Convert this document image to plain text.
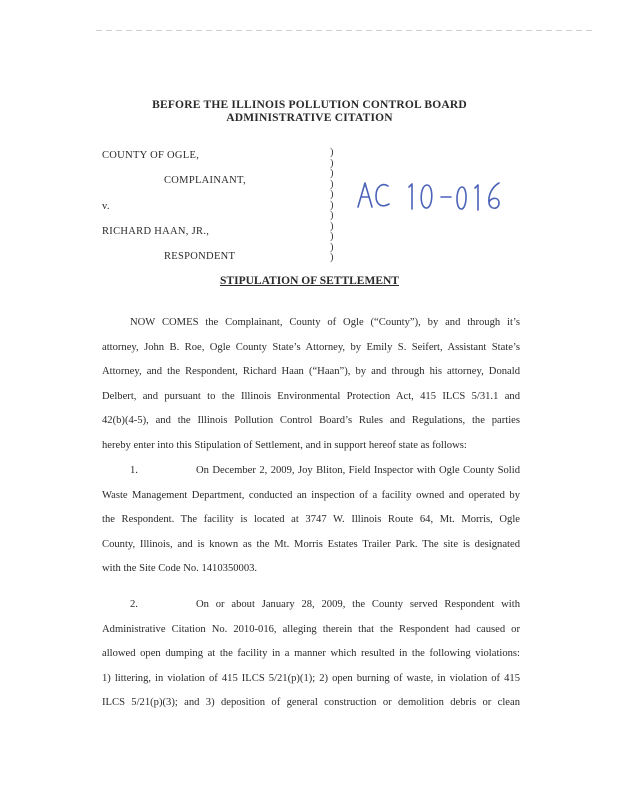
BEFORE THE ILLINOIS POLLUTION CONTROL BOARD
ADMINISTRATIVE CITATION
COUNTY OF OGLE,
COMPLAINANT,
v.
RICHARD HAAN, JR.,
RESPONDENT
)
)
)
)
)
)
)
)
)
)
)
STIPULATION OF SETTLEMENT
NOW COMES the Complainant, County of Ogle (“County”), by and through it’s
attorney, John B. Roe, Ogle County State’s Attorney, by Emily S. Seifert, Assistant State’s
Attorney, and the Respondent, Richard Haan (“Haan”), by and through his attorney, Donald
Delbert, and pursuant to the Illinois Environmental Protection Act, 415 ILCS 5/31.1 and
42(b)(4-5), and the Illinois Pollution Control Board’s Rules and Regulations, the parties
hereby enter into this Stipulation of Settlement, and in support hereof state as follows:
1.	On December 2, 2009, Joy Bliton, Field Inspector with Ogle County Solid
Waste Management Department, conducted an inspection of a facility owned and operated by
the Respondent. The facility is located at 3747 W. Illinois Route 64, Mt. Morris, Ogle
County, Illinois, and is known as the Mt. Morris Estates Trailer Park. The site is designated
with the Site Code No. 1410350003.
2.	On or about January 28, 2009, the County served Respondent with
Administrative Citation No. 2010-016, alleging therein that the Respondent had caused or
allowed open dumping at the facility in a manner which resulted in the following violations:
1) littering, in violation of 415 ILCS 5/21(p)(1); 2) open burning of waste, in violation of 415
ILCS 5/21(p)(3); and 3) deposition of general construction or demolition debris or clean
